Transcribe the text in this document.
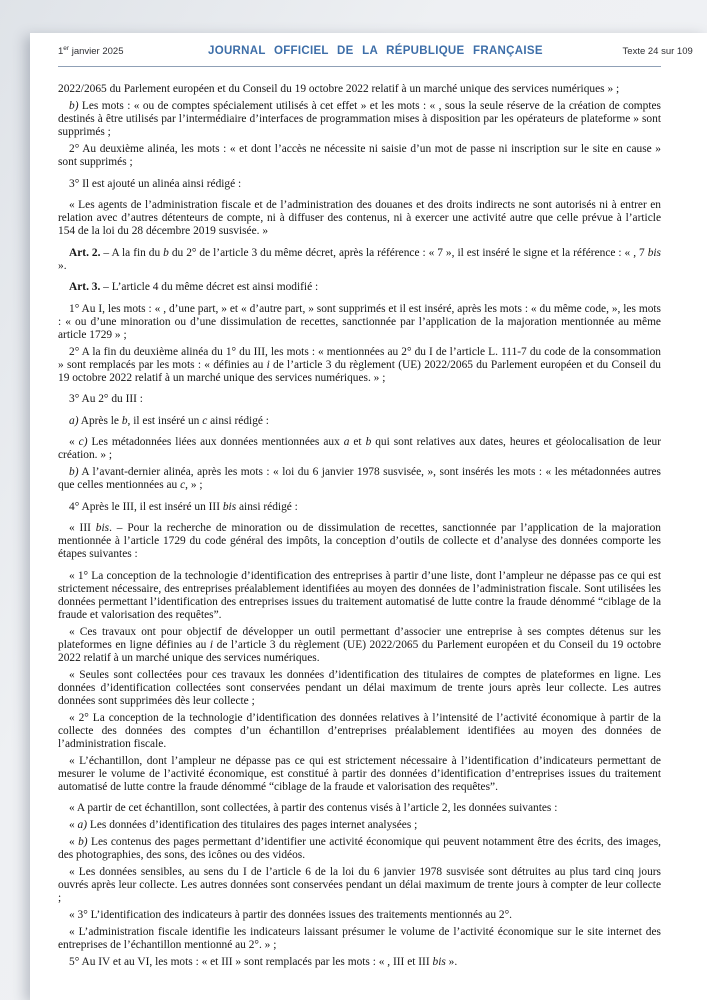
1er janvier 2025	JOURNAL OFFICIEL DE LA RÉPUBLIQUE FRANÇAISE	Texte 24 sur 109

2022/2065 du Parlement européen et du Conseil du 19 octobre 2022 relatif à un marché unique des services numériques » ;

b) Les mots : « ou de comptes spécialement utilisés à cet effet » et les mots : « , sous la seule réserve de la création de comptes destinés à être utilisés par l’intermédiaire d’interfaces de programmation mises à disposition par les opérateurs de plateforme » sont supprimés ;

2° Au deuxième alinéa, les mots : « et dont l’accès ne nécessite ni saisie d’un mot de passe ni inscription sur le site en cause » sont supprimés ;

3° Il est ajouté un alinéa ainsi rédigé :

« Les agents de l’administration fiscale et de l’administration des douanes et des droits indirects ne sont autorisés ni à entrer en relation avec d’autres détenteurs de compte, ni à diffuser des contenus, ni à exercer une activité autre que celle prévue à l’article 154 de la loi du 28 décembre 2019 susvisée. »

Art. 2. – A la fin du b du 2° de l’article 3 du même décret, après la référence : « 7 », il est inséré le signe et la référence : « , 7 bis ».

Art. 3. – L’article 4 du même décret est ainsi modifié :

1° Au I, les mots : « , d’une part, » et « d’autre part, » sont supprimés et il est inséré, après les mots : « du même code, », les mots : « ou d’une minoration ou d’une dissimulation de recettes, sanctionnée par l’application de la majoration mentionnée au même article 1729 » ;

2° A la fin du deuxième alinéa du 1° du III, les mots : « mentionnées au 2° du I de l’article L. 111-7 du code de la consommation » sont remplacés par les mots : « définies au i de l’article 3 du règlement (UE) 2022/2065 du Parlement européen et du Conseil du 19 octobre 2022 relatif à un marché unique des services numériques. » ;

3° Au 2° du III :

a) Après le b, il est inséré un c ainsi rédigé :

« c) Les métadonnées liées aux données mentionnées aux a et b qui sont relatives aux dates, heures et géolocalisation de leur création. » ;

b) A l’avant-dernier alinéa, après les mots : « loi du 6 janvier 1978 susvisée, », sont insérés les mots : « les métadonnées autres que celles mentionnées au c, » ;

4° Après le III, il est inséré un III bis ainsi rédigé :

« III bis. – Pour la recherche de minoration ou de dissimulation de recettes, sanctionnée par l’application de la majoration mentionnée à l’article 1729 du code général des impôts, la conception d’outils de collecte et d’analyse des données comporte les étapes suivantes :

« 1° La conception de la technologie d’identification des entreprises à partir d’une liste, dont l’ampleur ne dépasse pas ce qui est strictement nécessaire, des entreprises préalablement identifiées au moyen des données de l’administration fiscale. Sont utilisées les données permettant l’identification des entreprises issues du traitement automatisé de lutte contre la fraude dénommé “ciblage de la fraude et valorisation des requêtes”.

« Ces travaux ont pour objectif de développer un outil permettant d’associer une entreprise à ses comptes détenus sur les plateformes en ligne définies au i de l’article 3 du règlement (UE) 2022/2065 du Parlement européen et du Conseil du 19 octobre 2022 relatif à un marché unique des services numériques.

« Seules sont collectées pour ces travaux les données d’identification des titulaires de comptes de plateformes en ligne. Les données d’identification collectées sont conservées pendant un délai maximum de trente jours après leur collecte. Les autres données sont supprimées dès leur collecte ;

« 2° La conception de la technologie d’identification des données relatives à l’intensité de l’activité économique à partir de la collecte des données des comptes d’un échantillon d’entreprises préalablement identifiées au moyen des données de l’administration fiscale.

« L’échantillon, dont l’ampleur ne dépasse pas ce qui est strictement nécessaire à l’identification d’indicateurs permettant de mesurer le volume de l’activité économique, est constitué à partir des données d’identification d’entreprises issues du traitement automatisé de lutte contre la fraude dénommé “ciblage de la fraude et valorisation des requêtes”.

« A partir de cet échantillon, sont collectées, à partir des contenus visés à l’article 2, les données suivantes :

« a) Les données d’identification des titulaires des pages internet analysées ;

« b) Les contenus des pages permettant d’identifier une activité économique qui peuvent notamment être des écrits, des images, des photographies, des sons, des icônes ou des vidéos.

« Les données sensibles, au sens du I de l’article 6 de la loi du 6 janvier 1978 susvisée sont détruites au plus tard cinq jours ouvrés après leur collecte. Les autres données sont conservées pendant un délai maximum de trente jours à compter de leur collecte ;

« 3° L’identification des indicateurs à partir des données issues des traitements mentionnés au 2°.

« L’administration fiscale identifie les indicateurs laissant présumer le volume de l’activité économique sur le site internet des entreprises de l’échantillon mentionné au 2°. » ;

5° Au IV et au VI, les mots : « et III » sont remplacés par les mots : « , III et III bis ».
